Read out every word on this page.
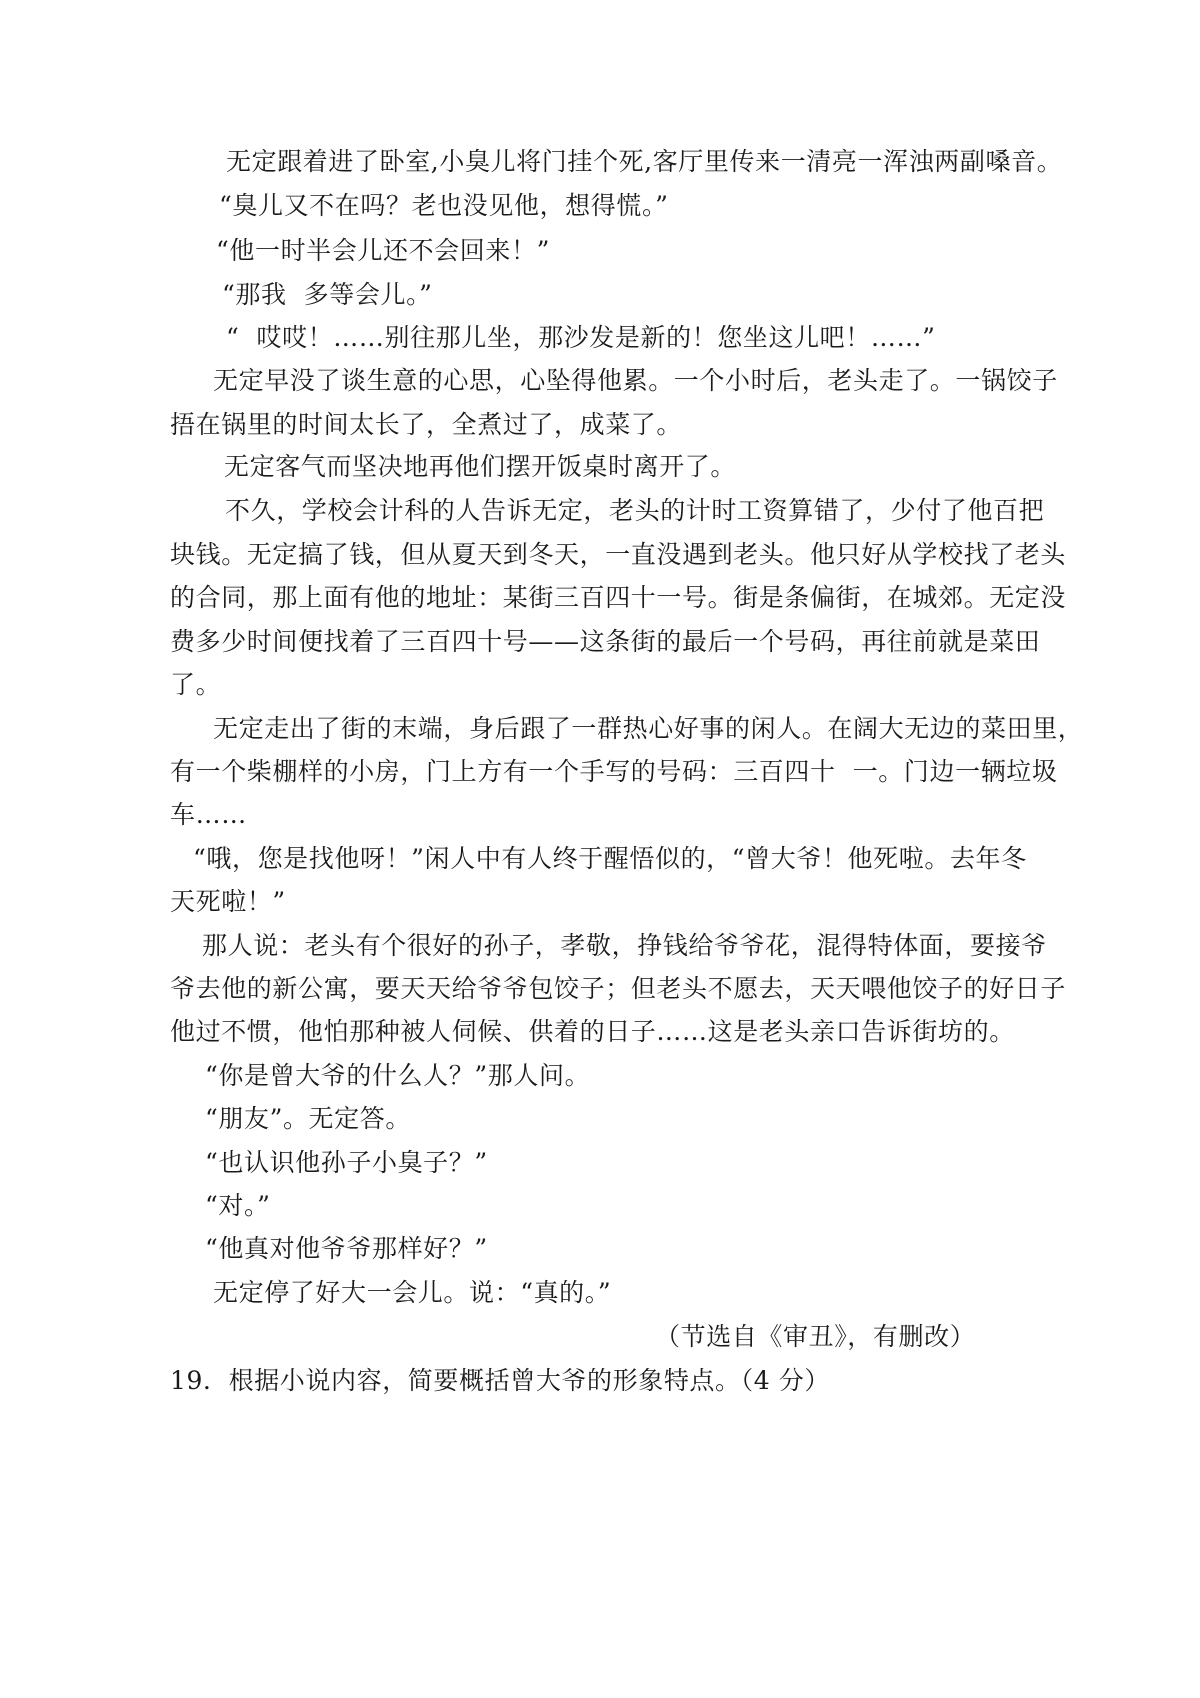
无定跟着进了卧室,小臭儿将门挂个死,客厅里传来一清亮一浑浊两副嗓音。
“臭儿又不在吗？老也没见他，想得慌。”
“他一时半会儿还不会回来！”
“那我  多等会儿。”
“  哎哎！……别往那儿坐，那沙发是新的！您坐这儿吧！……”
无定早没了谈生意的心思，心坠得他累。一个小时后，老头走了。一锅饺子
捂在锅里的时间太长了，全煮过了，成菜了。
无定客气而坚决地再他们摆开饭桌时离开了。
不久，学校会计科的人告诉无定，老头的计时工资算错了，少付了他百把
块钱。无定搞了钱，但从夏天到冬天，一直没遇到老头。他只好从学校找了老头
的合同，那上面有他的地址：某街三百四十一号。街是条偏街，在城郊。无定没
费多少时间便找着了三百四十号——这条街的最后一个号码，再往前就是菜田
了。
无定走出了街的末端，身后跟了一群热心好事的闲人。在阔大无边的菜田里，
有一个柴棚样的小房，门上方有一个手写的号码：三百四十  一。门边一辆垃圾
车……
“哦，您是找他呀！”闲人中有人终于醒悟似的，“曾大爷！他死啦。去年冬
天死啦！”
那人说：老头有个很好的孙子，孝敬，挣钱给爷爷花，混得特体面，要接爷
爷去他的新公寓，要天天给爷爷包饺子；但老头不愿去，天天喂他饺子的好日子
他过不惯，他怕那种被人伺候、供着的日子……这是老头亲口告诉街坊的。
“你是曾大爷的什么人？”那人问。
“朋友”。无定答。
“也认识他孙子小臭子？”
“对。”
“他真对他爷爷那样好？”
无定停了好大一会儿。说：“真的。”
（节选自《审丑》，有删改）
19．根据小说内容，简要概括曾大爷的形象特点。（4 分）
